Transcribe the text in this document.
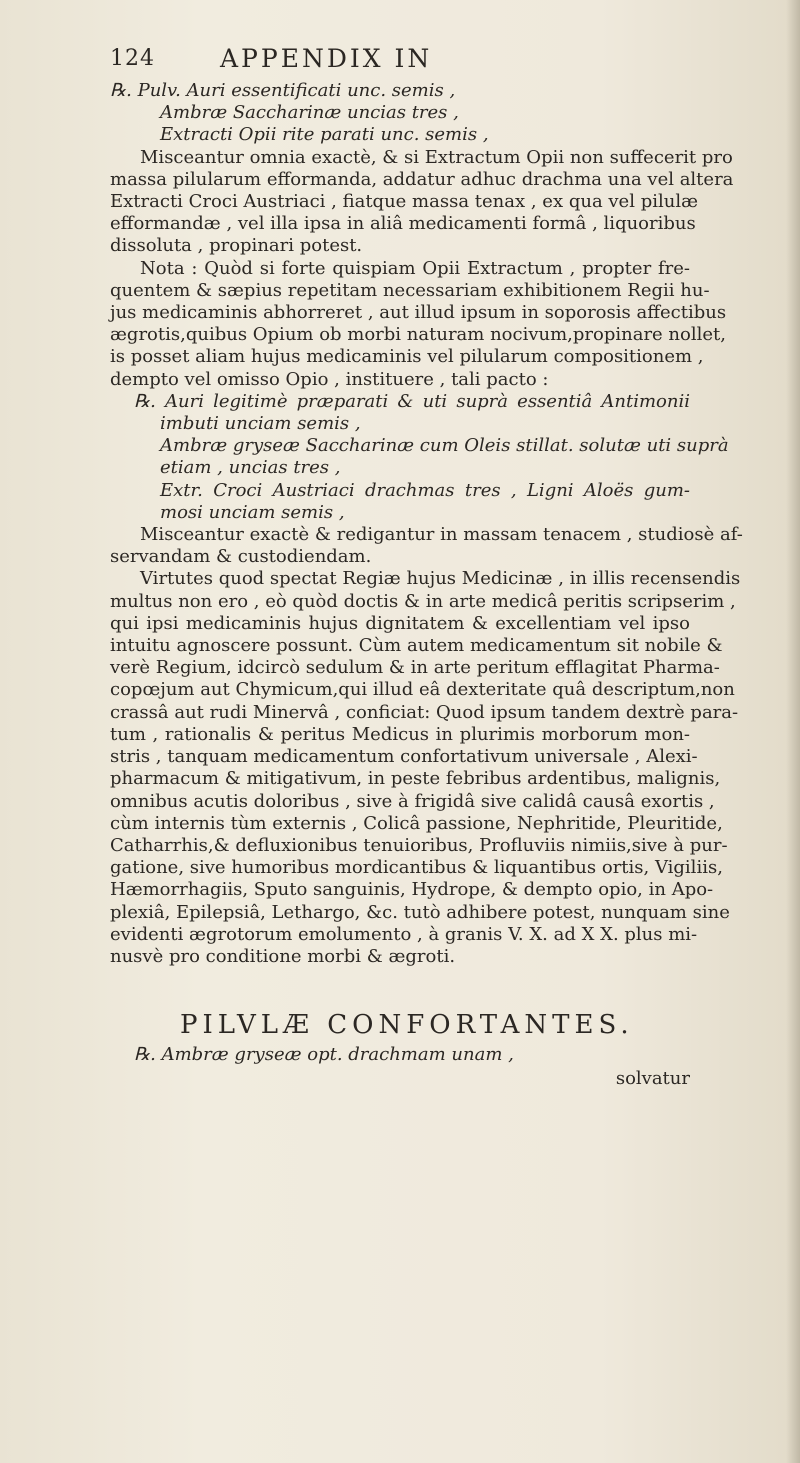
124	APPENDIX IN
℞. Pulv. Auri essentificati unc. semis ,
Ambræ Saccharinæ uncias tres ,
Extracti Opii rite parati unc. semis ,
Misceantur omnia exactè, & si Extractum Opii non suffecerit pro
massa pilularum efformanda, addatur adhuc drachma una vel altera
Extracti Croci Austriaci , fiatque massa tenax , ex qua vel pilulæ
efformandæ , vel illa ipsa in aliâ medicamenti formâ , liquoribus
dissoluta , propinari potest.
Nota : Quòd si forte quispiam Opii Extractum , propter fre-
quentem & sæpius repetitam necessariam exhibitionem Regii hu-
jus medicaminis abhorreret , aut illud ipsum in soporosis affectibus
ægrotis,quibus Opium ob morbi naturam nocivum,propinare nollet,
is posset aliam hujus medicaminis vel pilularum compositionem ,
dempto vel omisso Opio , instituere , tali pacto :
℞. Auri legitimè præparati & uti suprà essentiâ Antimonii
imbuti unciam semis ,
Ambræ gryseæ Saccharinæ cum Oleis stillat. solutæ uti suprà
etiam , uncias tres ,
Extr. Croci Austriaci drachmas tres , Ligni Aloës gum-
mosi unciam semis ,
Misceantur exactè & redigantur in massam tenacem , studiosè af-
servandam & custodiendam.
Virtutes quod spectat Regiæ hujus Medicinæ , in illis recensendis
multus non ero , eò quòd doctis & in arte medicâ peritis scripserim ,
qui ipsi medicaminis hujus dignitatem & excellentiam vel ipso
intuitu agnoscere possunt. Cùm autem medicamentum sit nobile &
verè Regium, idcircò sedulum & in arte peritum efflagitat Pharma-
copœjum aut Chymicum,qui illud eâ dexteritate quâ descriptum,non
crassâ aut rudi Minervâ , conficiat: Quod ipsum tandem dextrè para-
tum , rationalis & peritus Medicus in plurimis morborum mon-
stris , tanquam medicamentum confortativum universale , Alexi-
pharmacum & mitigativum, in peste febribus ardentibus, malignis,
omnibus acutis doloribus , sive à frigidâ sive calidâ causâ exortis ,
cùm internis tùm externis , Colicâ passione, Nephritide, Pleuritide,
Catharrhis,& defluxionibus tenuioribus, Profluviis nimiis,sive à pur-
gatione, sive humoribus mordicantibus & liquantibus ortis, Vigiliis,
Hæmorrhagiis, Sputo sanguinis, Hydrope, & dempto opio, in Apo-
plexiâ, Epilepsiâ, Lethargo, &c. tutò adhibere potest, nunquam sine
evidenti ægrotorum emolumento , à granis V. X. ad X X. plus mi-
nusvè pro conditione morbi & ægroti.
PILVLÆ CONFORTANTES.
℞. Ambræ gryseæ opt. drachmam unam ,
solvatur
